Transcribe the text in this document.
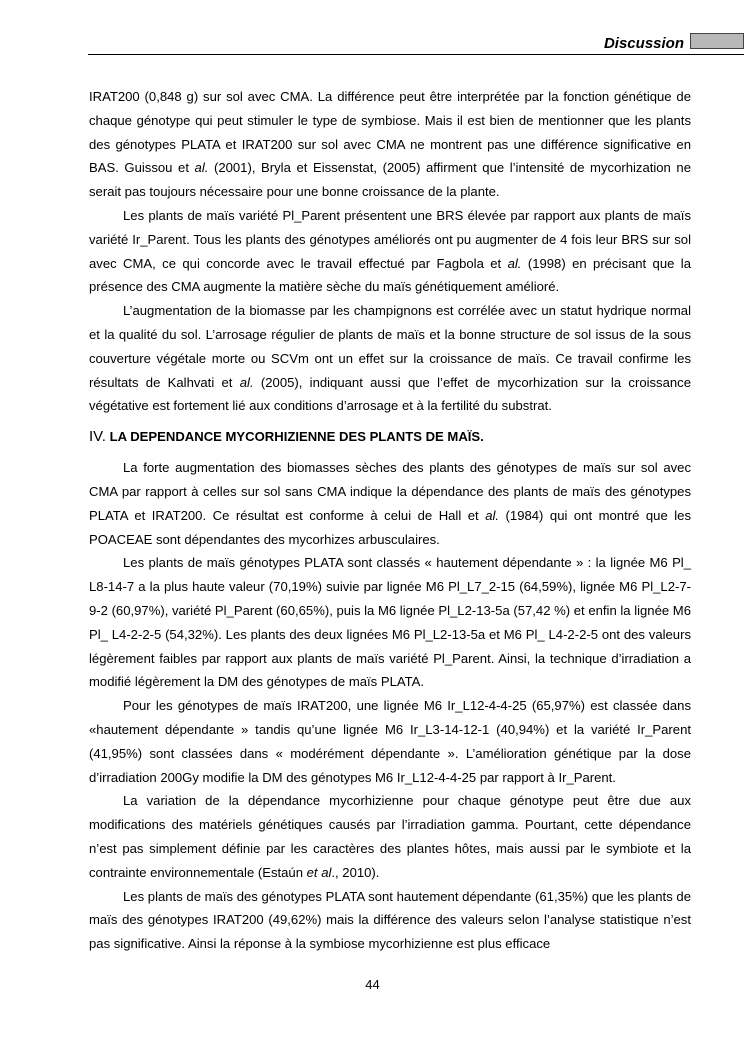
Discussion

IRAT200 (0,848 g) sur sol avec CMA. La différence peut être interprétée par la fonction génétique de chaque génotype qui peut stimuler le type de symbiose. Mais il est bien de mentionner que les plants des génotypes PLATA et IRAT200 sur sol avec CMA ne montrent pas une différence significative en BAS. Guissou et al. (2001), Bryla et Eissenstat, (2005) affirment que l’intensité de mycorhization ne serait pas toujours nécessaire pour une bonne croissance de la plante.

Les plants de maïs variété Pl_Parent présentent une BRS élevée par rapport aux plants de maïs variété Ir_Parent. Tous les plants des génotypes améliorés ont pu augmenter de 4 fois leur BRS sur sol avec CMA, ce qui concorde avec le travail effectué par Fagbola et al. (1998) en précisant que la présence des CMA augmente la matière sèche du maïs génétiquement amélioré.

L’augmentation de la biomasse par les champignons est corrélée avec un statut hydrique normal et la qualité du sol. L’arrosage régulier de plants de maïs et la bonne structure de sol issus de la sous couverture végétale morte ou SCVm ont un effet sur la croissance de maïs. Ce travail confirme les résultats de Kalhvati et al. (2005), indiquant aussi que l’effet de mycorhization sur la croissance végétative est fortement lié aux conditions d’arrosage et à la fertilité du substrat.

IV. LA DEPENDANCE MYCORHIZIENNE DES PLANTS DE MAÏS.

La forte augmentation des biomasses sèches des plants des génotypes de maïs sur sol avec CMA par rapport à celles sur sol sans CMA indique la dépendance des plants de maïs des génotypes PLATA et IRAT200. Ce résultat est conforme à celui de Hall et al. (1984) qui ont montré que les POACEAE sont dépendantes des mycorhizes arbusculaires.

Les plants de maïs génotypes PLATA sont classés « hautement dépendante » : la lignée M6 Pl_ L8-14-7 a la plus haute valeur (70,19%) suivie par lignée M6 Pl_L7_2-15 (64,59%), lignée M6 Pl_L2-7-9-2 (60,97%), variété Pl_Parent (60,65%), puis la M6 lignée Pl_L2-13-5a (57,42 %) et enfin la lignée M6 Pl_ L4-2-2-5 (54,32%). Les plants des deux lignées M6 Pl_L2-13-5a et M6 Pl_ L4-2-2-5 ont des valeurs légèrement faibles par rapport aux plants de maïs variété Pl_Parent. Ainsi, la technique d’irradiation a modifié légèrement la DM des génotypes de maïs PLATA.

Pour les génotypes de maïs IRAT200, une lignée M6 Ir_L12-4-4-25 (65,97%) est classée dans «hautement dépendante » tandis qu’une lignée M6 Ir_L3-14-12-1 (40,94%) et la variété Ir_Parent (41,95%) sont classées dans « modérément dépendante ». L’amélioration génétique par la dose d’irradiation 200Gy modifie la DM des génotypes M6 Ir_L12-4-4-25 par rapport à Ir_Parent.

La variation de la dépendance mycorhizienne pour chaque génotype peut être due aux modifications des matériels génétiques causés par l’irradiation gamma. Pourtant, cette dépendance n’est pas simplement définie par les caractères des plantes hôtes, mais aussi par le symbiote et la contrainte environnementale (Estaún et al., 2010).

Les plants de maïs des génotypes PLATA sont hautement dépendante (61,35%) que les plants de maïs des génotypes IRAT200 (49,62%) mais la différence des valeurs selon l’analyse statistique n’est pas significative. Ainsi la réponse à la symbiose mycorhizienne est plus efficace

44
